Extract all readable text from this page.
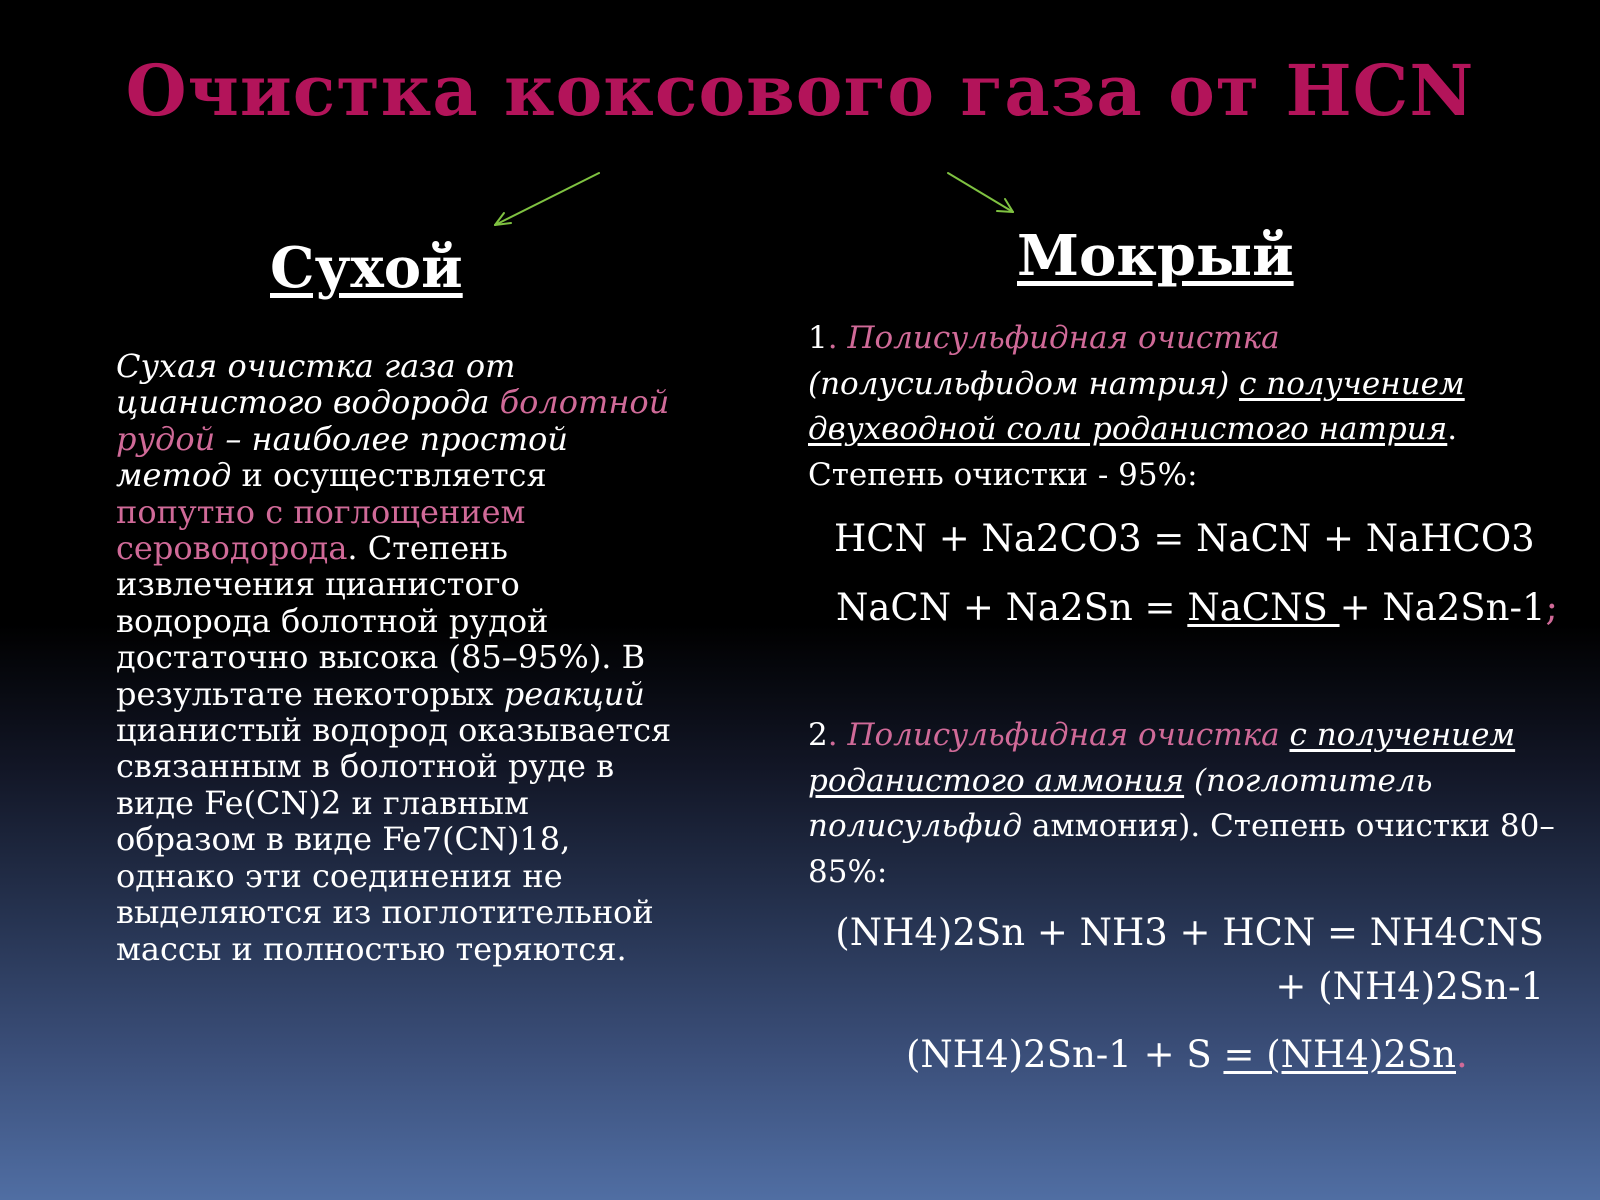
Очистка коксового газа от HCN
Сухой	Мокрый

Сухая очистка газа от цианистого водорода болотной рудой – наиболее простой метод и осуществляется попутно с поглощением сероводорода. Степень извлечения цианистого водорода болотной рудой достаточно высока (85–95%). В результате некоторых реакций цианистый водород оказывается связанным в болотной руде в виде Fe(CN)2 и главным образом в виде Fe7(CN)18, однако эти соединения не выделяются из поглотительной массы и полностью теряются.

1. Полисульфидная очистка
(полусильфидом натрия) с получением двухводной соли роданистого натрия.
Степень очистки - 95%:

HCN + Na2CO3 = NaCN + NaHCO3

NaCN + Na2Sn = NaCNS + Na2Sn-1;

2. Полисульфидная очистка с получением роданистого аммония (поглотитель полисульфид аммония). Степень очистки 80–85%:

(NH4)2Sn + NH3 + HCN = NH4CNS + (NH4)2Sn-1

(NH4)2Sn-1 + S = (NH4)2Sn.
